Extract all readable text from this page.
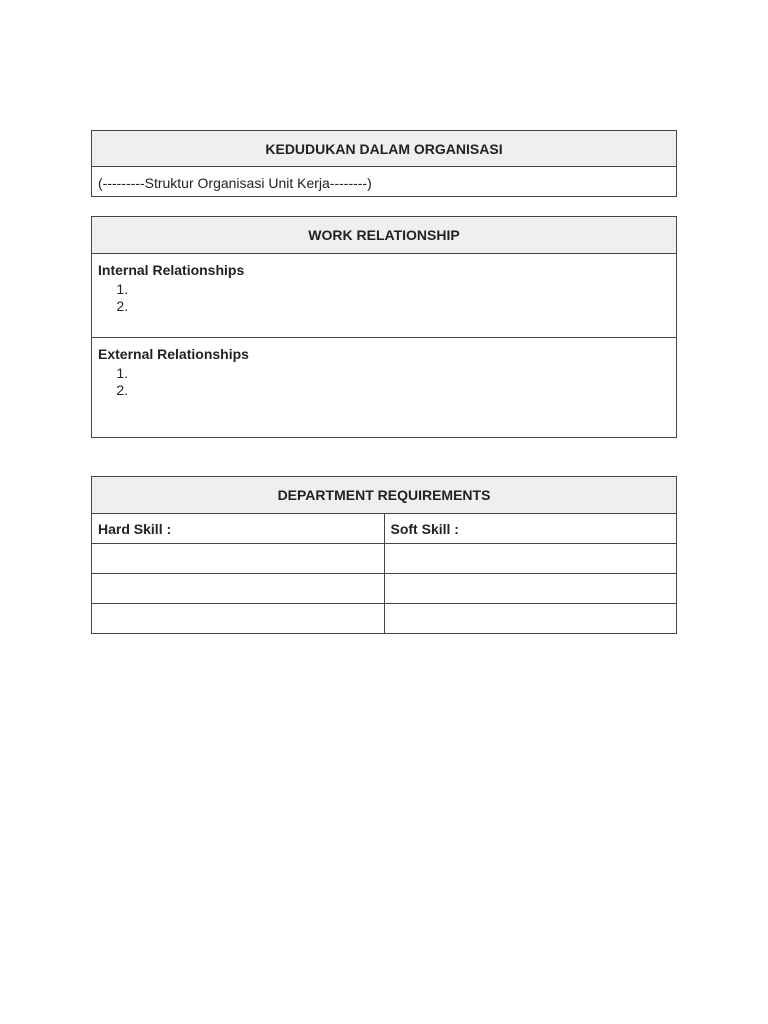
KEDUDUKAN DALAM ORGANISASI
(---------Struktur Organisasi Unit Kerja--------)
WORK RELATIONSHIP
Internal Relationships
1.
2.
External Relationships
1.
2.
DEPARTMENT REQUIREMENTS
Hard Skill :	Soft Skill :
